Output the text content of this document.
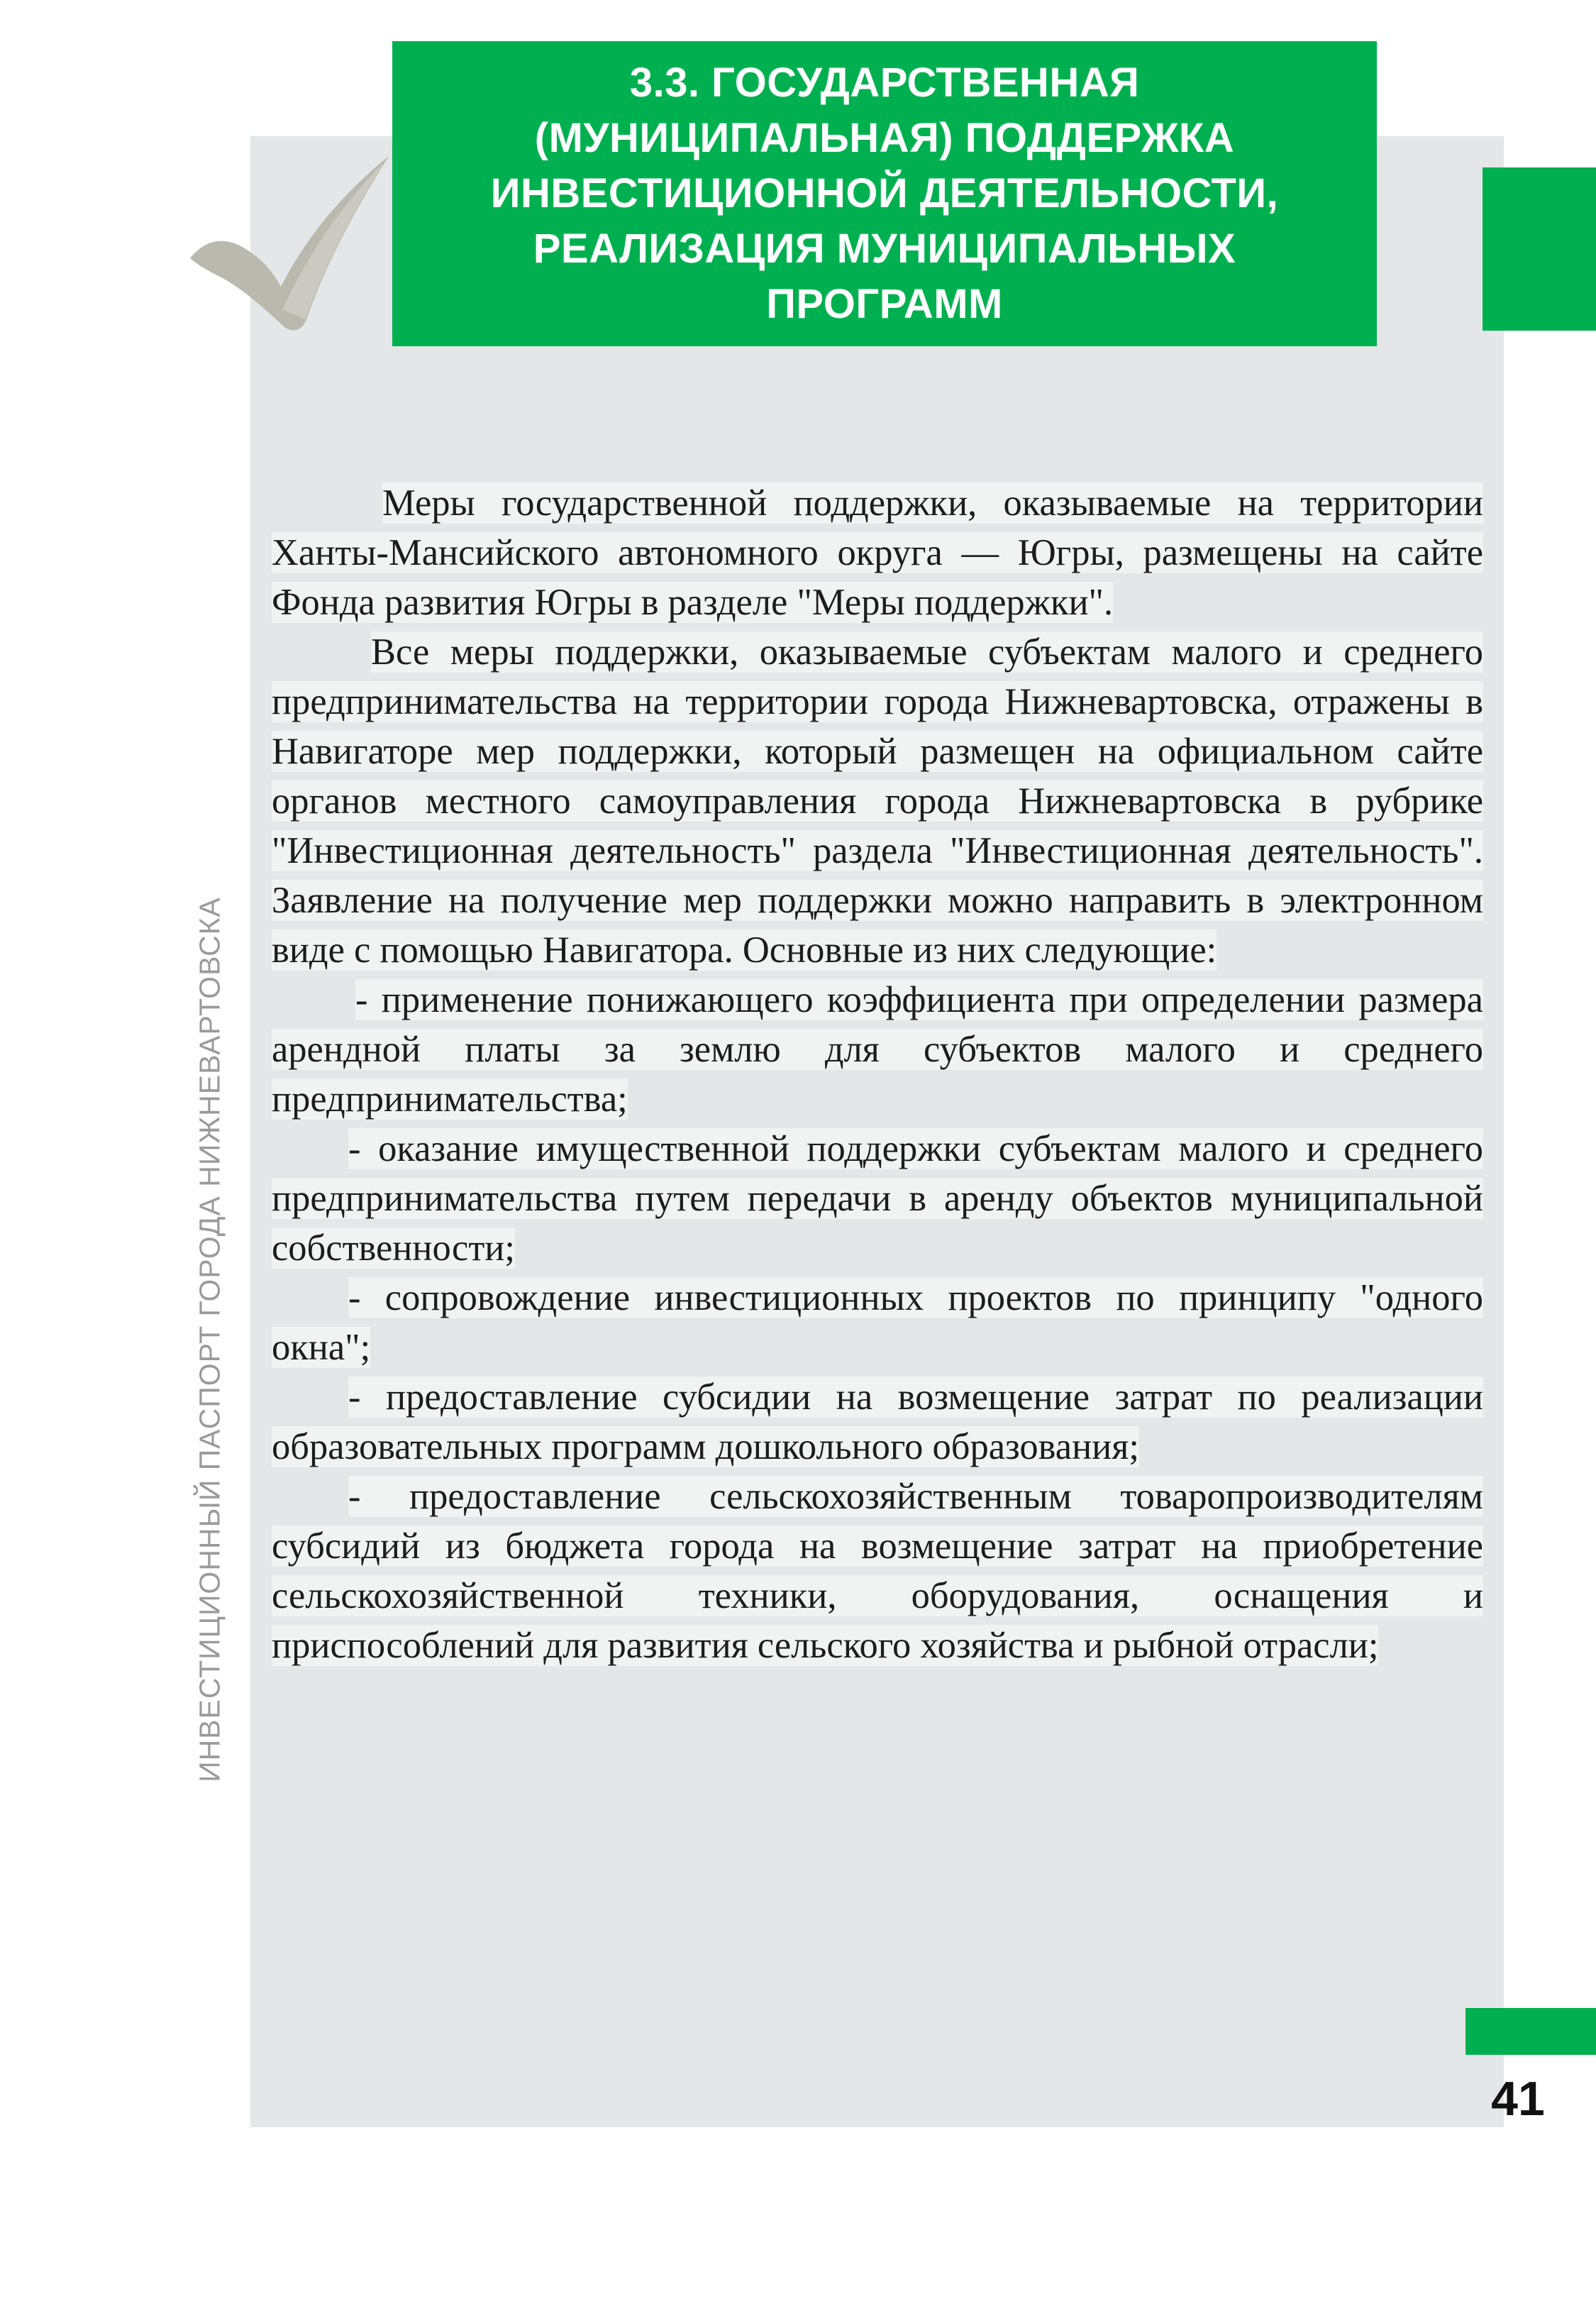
3.3. ГОСУДАРСТВЕННАЯ
(МУНИЦИПАЛЬНАЯ) ПОДДЕРЖКА
ИНВЕСТИЦИОННОЙ ДЕЯТЕЛЬНОСТИ,
РЕАЛИЗАЦИЯ МУНИЦИПАЛЬНЫХ
ПРОГРАММ
ИНВЕСТИЦИОННЫЙ ПАСПОРТ ГОРОДА НИЖНЕВАРТОВСКА

Меры государственной поддержки, оказываемые на территории Ханты-Мансийского автономного округа — Югры, размещены на сайте Фонда развития Югры в разделе "Меры поддержки".

Все меры поддержки, оказываемые субъектам малого и среднего предпринимательства на территории города Нижневартовска, отражены в Навигаторе мер поддержки, который размещен на официальном сайте органов местного самоуправления города Нижневартовска в рубрике "Инвестиционная деятельность" раздела "Инвестиционная деятельность". Заявление на получение мер поддержки можно направить в электронном виде с помощью Навигатора. Основные из них следующие:

- применение понижающего коэффициента при определении размера арендной платы за землю для субъектов малого и среднего предпринимательства;

- оказание имущественной поддержки субъектам малого и среднего предпринимательства путем передачи в аренду объектов муниципальной собственности;

- сопровождение инвестиционных проектов по принципу "одного окна";

- предоставление субсидии на возмещение затрат по реализации образовательных программ дошкольного образования;

- предоставление сельскохозяйственным товаропроизводителям субсидий из бюджета города на возмещение затрат на приобретение сельскохозяйственной техники, оборудования, оснащения и приспособлений для развития сельского хозяйства и рыбной отрасли;

41
